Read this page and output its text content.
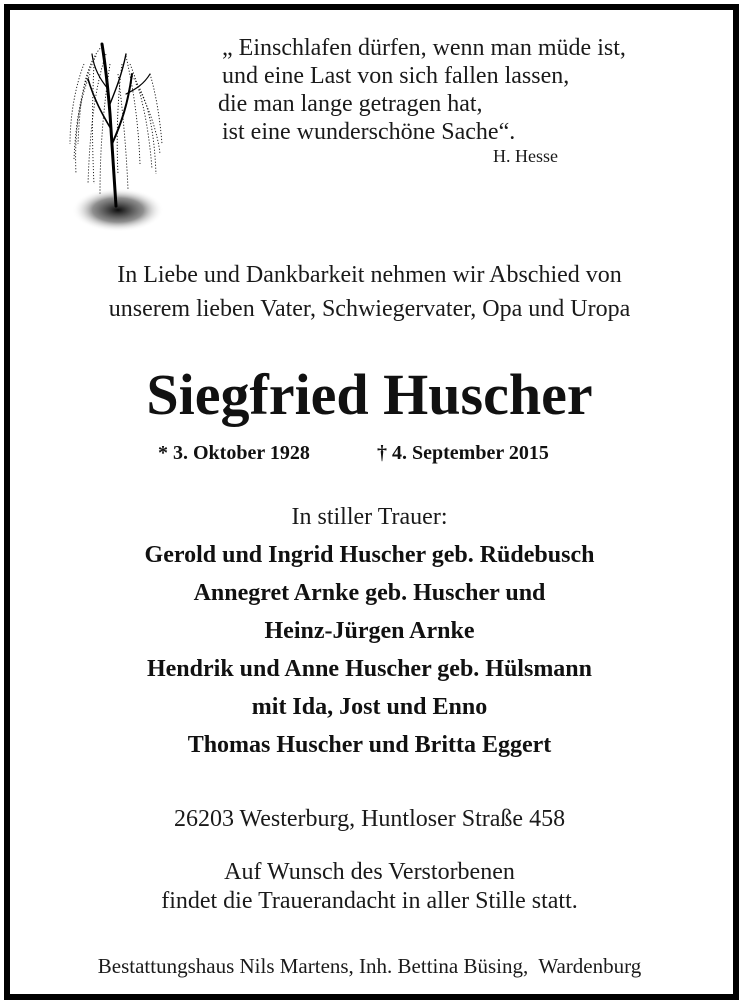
„ Einschlafen dürfen, wenn man müde ist,
und eine Last von sich fallen lassen,
die man lange getragen hat,
ist eine wunderschöne Sache“.
H. Hesse
In Liebe und Dankbarkeit nehmen wir Abschied von
unserem lieben Vater, Schwiegervater, Opa und Uropa
Siegfried Huscher
* 3. Oktober 1928	† 4. September 2015
In stiller Trauer:
Gerold und Ingrid Huscher geb. Rüdebusch
Annegret Arnke geb. Huscher und
Heinz-Jürgen Arnke
Hendrik und Anne Huscher geb. Hülsmann
mit Ida, Jost und Enno
Thomas Huscher und Britta Eggert
26203 Westerburg, Huntloser Straße 458
Auf Wunsch des Verstorbenen
findet die Trauerandacht in aller Stille statt.
Bestattungshaus Nils Martens, Inh. Bettina Büsing,  Wardenburg
